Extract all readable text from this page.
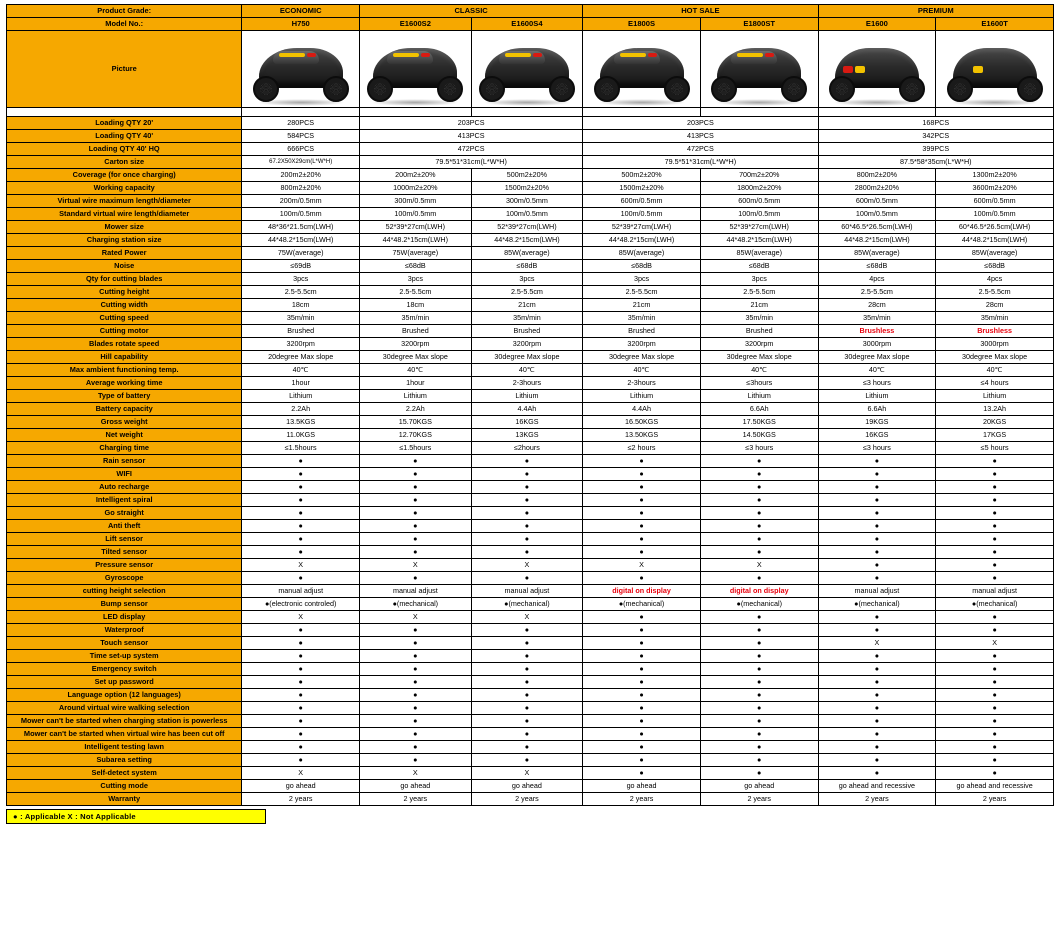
Product Grade:	ECONOMIC	CLASSIC		HOT SALE		PREMIUM	
Model No.:	H750	E1600S2	E1600S4	E1800S	E1800ST	E1600	E1600T
Picture	

Loading QTY 20'	280PCS	203PCS		203PCS		168PCS	
Loading QTY 40'	584PCS	413PCS		413PCS		342PCS	
Loading QTY 40' HQ	666PCS	472PCS		472PCS		399PCS	
Carton size	67.2X50X29cm(L*W*H)	79.5*51*31cm(L*W*H)		79.5*51*31cm(L*W*H)		87.5*58*35cm(L*W*H)	
Coverage (for once charging)	200m2±20%	200m2±20%	500m2±20%	500m2±20%	700m2±20%	800m2±20%	1300m2±20%
Working capacity	800m2±20%	1000m2±20%	1500m2±20%	1500m2±20%	1800m2±20%	2800m2±20%	3600m2±20%
Virtual wire maximum length/diameter	200m/0.5mm	300m/0.5mm	300m/0.5mm	600m/0.5mm	600m/0.5mm	600m/0.5mm	600m/0.5mm
Standard virtual wire length/diameter	100m/0.5mm	100m/0.5mm	100m/0.5mm	100m/0.5mm	100m/0.5mm	100m/0.5mm	100m/0.5mm
Mower size	48*36*21.5cm(LWH)	52*39*27cm(LWH)	52*39*27cm(LWH)	52*39*27cm(LWH)	52*39*27cm(LWH)	60*46.5*26.5cm(LWH)	60*46.5*26.5cm(LWH)
Charging station size	44*48.2*15cm(LWH)	44*48.2*15cm(LWH)	44*48.2*15cm(LWH)	44*48.2*15cm(LWH)	44*48.2*15cm(LWH)	44*48.2*15cm(LWH)	44*48.2*15cm(LWH)
Rated Power	75W(average)	75W(average)	85W(average)	85W(average)	85W(average)	85W(average)	85W(average)
Noise	≤69dB	≤68dB	≤68dB	≤68dB	≤68dB	≤68dB	≤68dB
Qty for cutting blades	3pcs	3pcs	3pcs	3pcs	3pcs	4pcs	4pcs
Cutting height	2.5-5.5cm	2.5-5.5cm	2.5-5.5cm	2.5-5.5cm	2.5-5.5cm	2.5-5.5cm	2.5-5.5cm
Cutting width	18cm	18cm	21cm	21cm	21cm	28cm	28cm
Cutting speed	35m/min	35m/min	35m/min	35m/min	35m/min	35m/min	35m/min
Cutting motor	Brushed	Brushed	Brushed	Brushed	Brushed	Brushless	Brushless
Blades rotate speed	3200rpm	3200rpm	3200rpm	3200rpm	3200rpm	3000rpm	3000rpm
Hill capability	20degree Max slope	30degree Max slope	30degree Max slope	30degree Max slope	30degree Max slope	30degree Max slope	30degree Max slope
Max ambient functioning temp.	40℃	40℃	40℃	40℃	40℃	40℃	40℃
Average working time	1hour	1hour	2-3hours	2-3hours	≤3hours	≤3 hours	≤4 hours
Type of battery	Lithium	Lithium	Lithium	Lithium	Lithium	Lithium	Lithium
Battery capacity	2.2Ah	2.2Ah	4.4Ah	4.4Ah	6.6Ah	6.6Ah	13.2Ah
Gross weight	13.5KGS	15.70KGS	16KGS	16.50KGS	17.50KGS	19KGS	20KGS
Net weight	11.0KGS	12.70KGS	13KGS	13.50KGS	14.50KGS	16KGS	17KGS
Charging time	≤1.5hours	≤1.5hours	≤2hours	≤2 hours	≤3 hours	≤3 hours	≤5 hours
Rain sensor	●	●	●	●	●	●	●
WIFI	●	●	●	●	●	●	●
Auto recharge	●	●	●	●	●	●	●
Intelligent spiral	●	●	●	●	●	●	●
Go straight	●	●	●	●	●	●	●
Anti theft	●	●	●	●	●	●	●
Lift sensor	●	●	●	●	●	●	●
Tilted sensor	●	●	●	●	●	●	●
Pressure sensor	X	X	X	X	X	●	●
Gyroscope	●	●	●	●	●	●	●
cutting height selection	manual adjust	manual adjust	manual adjust	digital on display	digital on display	manual adjust	manual adjust
Bump sensor	●(electronic controled)	●(mechanical)	●(mechanical)	●(mechanical)	●(mechanical)	●(mechanical)	●(mechanical)
LED display	X	X	X	●	●	●	●
Waterproof	●	●	●	●	●	●	●
Touch sensor	●	●	●	●	●	X	X
Time set-up system	●	●	●	●	●	●	●
Emergency switch	●	●	●	●	●	●	●
Set up password	●	●	●	●	●	●	●
Language option (12 languages)	●	●	●	●	●	●	●
Around virtual wire walking selection	●	●	●	●	●	●	●
Mower can't be started when charging station is powerless	●	●	●	●	●	●	●
Mower can't be started when virtual wire has been cut off	●	●	●	●	●	●	●
Intelligent testing lawn	●	●	●	●	●	●	●
Subarea setting	●	●	●	●	●	●	●
Self-detect system	X	X	X	●	●	●	●
Cutting mode	go ahead	go ahead	go ahead	go ahead	go ahead	go ahead and recessive	go ahead and recessive
Warranty	2 years	2 years	2 years	2 years	2 years	2 years	2 years
● : Applicable X : Not Applicable
